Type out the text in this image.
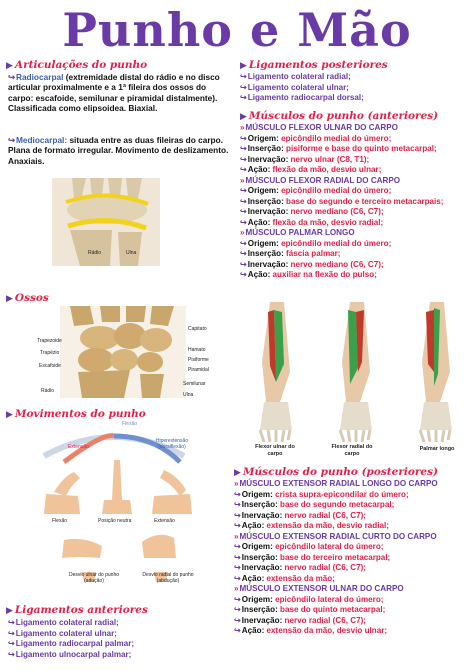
Punho e Mão
▶ Articulações do punho
↪Radiocarpal (extremidade distal do rádio e no disco articular proximalmente e a 1ª fileira dos ossos do carpo: escafoide, semilunar e piramidal distalmente). Classificada como elipsoidea. Biaxial.
↪Mediocarpal: situada entre as duas fileiras do carpo. Plana de formato irregular. Movimento de deslizamento. Anaxiais.
Rádio	Ulna
▶ Ossos
Trapezoide
Trapézio
Escafoide
Rádio
Capitato
Hamato
Pisiforme
Piramidal
Semilunar
Ulna
▶ Movimentos do punho
Flexão
Extensão
Hiperextensão (dorsiflexão)
Flexão	Posição neutra	Extensão
Desvio ulnar do punho (adução)
Desvio radial do punho (abdução)
▶ Ligamentos anteriores
↪Ligamento colateral radial;
↪Ligamento colateral ulnar;
↪Ligamento radiocarpal palmar;
↪Ligamento ulnocarpal palmar;
▶ Ligamentos posteriores
↪Ligamento colateral radial;
↪Ligamento colateral ulnar;
↪Ligamento radiocarpal dorsal;
▶ Músculos do punho (anteriores)
»MÚSCULO FLEXOR ULNAR DO CARPO
↪Origem: epicôndilo medial do úmero;
↪Inserção: pisiforme e base do quinto metacarpal;
↪Inervação: nervo ulnar (C8, T1);
↪Ação: flexão da mão, desvio ulnar;
»MÚSCULO FLEXOR RADIAL DO CARPO
↪Origem: epicôndilo medial do úmero;
↪Inserção: base do segundo e terceiro metacarpais;
↪Inervação: nervo mediano (C6, C7);
↪Ação: flexão da mão, desvio radial;
»MÚSCULO PALMAR LONGO
↪Origem: epicôndilo medial do úmero;
↪Inserção: fáscia palmar;
↪Inervação: nervo mediano (C6, C7);
↪Ação: auxiliar na flexão do pulso;
Flexor ulnar do carpo
Flexor radial do carpo
Palmar longo
▶ Músculos do punho (posteriores)
»MÚSCULO EXTENSOR RADIAL LONGO DO CARPO
↪Origem: crista supra-epicondilar do úmero;
↪Inserção: base do segundo metacarpal;
↪Inervação: nervo radial (C6, C7);
↪Ação: extensão da mão, desvio radial;
»MÚSCULO EXTENSOR RADIAL CURTO DO CARPO
↪Origem: epicôndilo lateral do úmero;
↪Inserção: base do terceiro metacarpal;
↪Inervação: nervo radial (C6, C7);
↪Ação: extensão da mão;
»MÚSCULO EXTENSOR ULNAR DO CARPO
↪Origem: epicôndilo lateral do úmero;
↪Inserção: base do quinto metacarpal;
↪Inervação: nervo radial (C6, C7);
↪Ação: extensão da mão, desvio ulnar;
